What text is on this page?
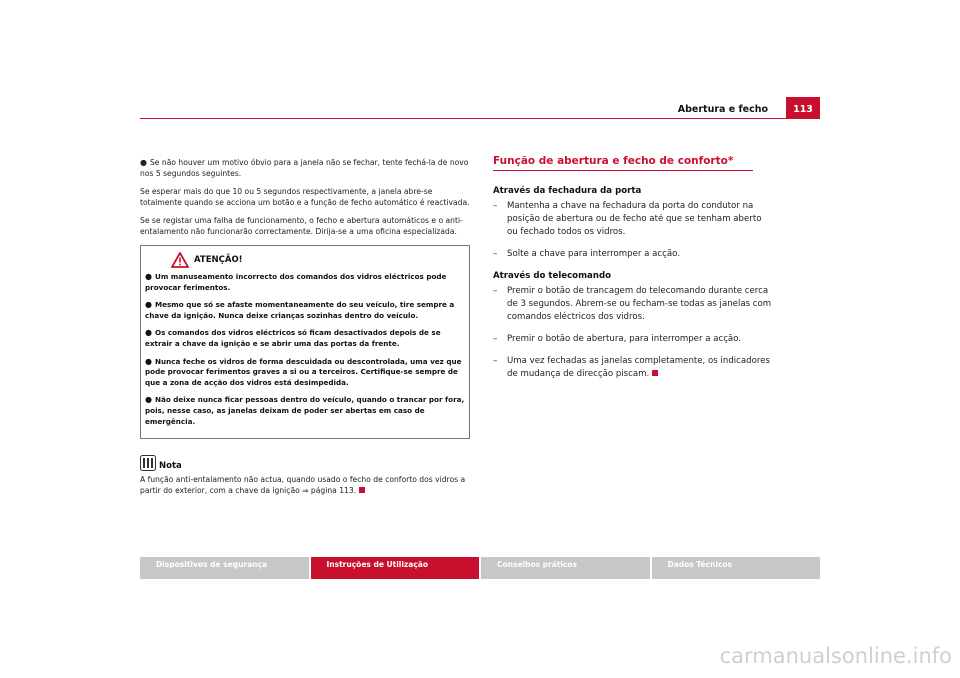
Abertura e fecho	113

● Se não houver um motivo óbvio para a janela não se fechar, tente fechá-la de novo nos 5 segundos seguintes.

Se esperar mais do que 10 ou 5 segundos respectivamente, a janela abre-se totalmente quando se acciona um botão e a função de fecho automático é reactivada.

Se se registar uma falha de funcionamento, o fecho e abertura automáticos e o anti-entalamento não funcionarão correctamente. Dirija-se a uma oficina especializada.

ATENÇÃO!

● Um manuseamento incorrecto dos comandos dos vidros eléctricos pode provocar ferimentos.

● Mesmo que só se afaste momentaneamente do seu veículo, tire sempre a chave da ignição. Nunca deixe crianças sozinhas dentro do veículo.

● Os comandos dos vidros eléctricos só ficam desactivados depois de se extrair a chave da ignição e se abrir uma das portas da frente.

● Nunca feche os vidros de forma descuidada ou descontrolada, uma vez que pode provocar ferimentos graves a si ou a terceiros. Certifique-se sempre de que a zona de acção dos vidros está desimpedida.

● Não deixe nunca ficar pessoas dentro do veículo, quando o trancar por fora, pois, nesse caso, as janelas deixam de poder ser abertas em caso de emergência.

Nota
A função anti-entalamento não actua, quando usado o fecho de conforto dos vidros a partir do exterior, com a chave da ignição ⇒ página 113.
Função de abertura e fecho de conforto*

Através da fechadura da porta

–	Mantenha a chave na fechadura da porta do condutor na posição de abertura ou de fecho até que se tenham aberto ou fechado todos os vidros.
–	Solte a chave para interromper a acção.

Através do telecomando

–	Premir o botão de trancagem do telecomando durante cerca de 3 segundos. Abrem-se ou fecham-se todas as janelas com comandos eléctricos dos vidros.
–	Premir o botão de abertura, para interromper a acção.
–	Uma vez fechadas as janelas completamente, os indicadores de mudança de direcção piscam.
Dispositivos de segurança	Instruções de Utilização	Conselhos práticos	Dados Técnicos
carmanualsonline.info
